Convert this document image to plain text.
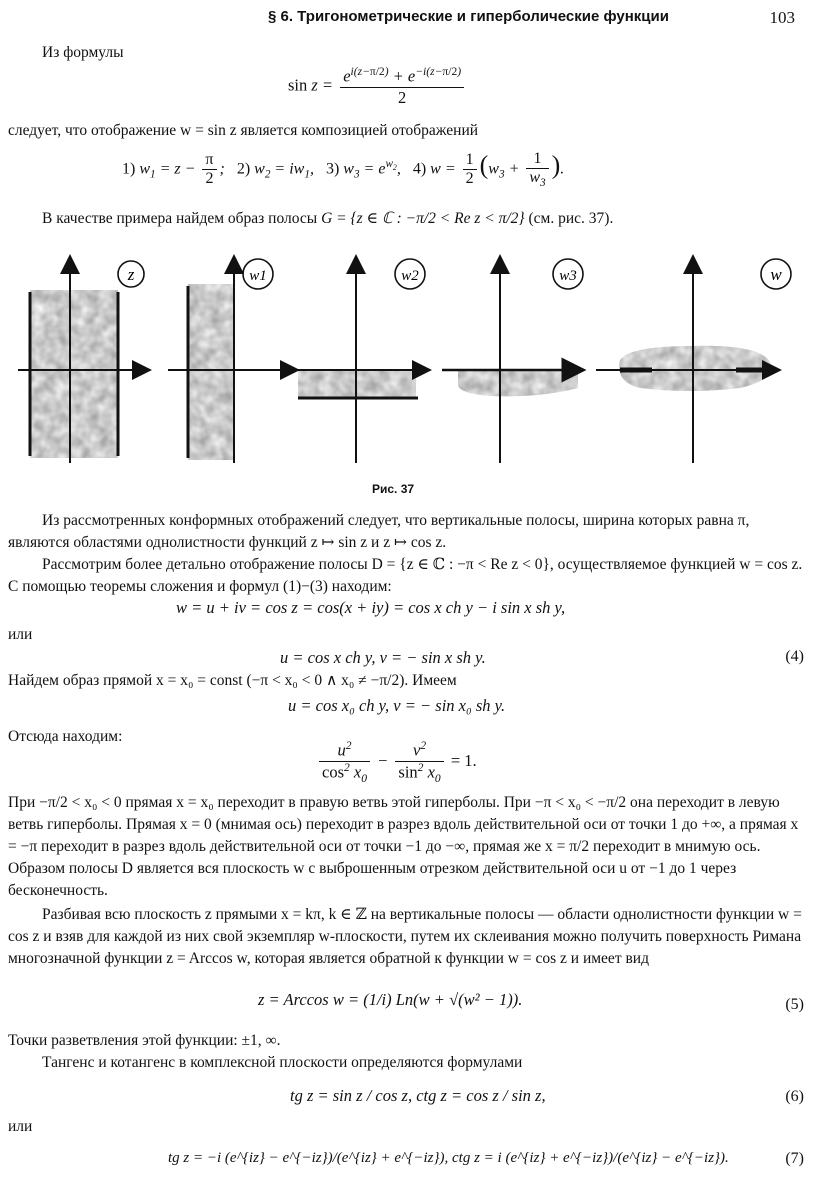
§ 6. Тригонометрические и гиперболические функции	103

Из формулы

$\sin z = \frac{e^{i(z-\pi/2)} + e^{-i(z-\pi/2)}}{2}$

следует, что отображение w = sin z является композицией отображений

1) $w_1 = z - \frac{\pi}{2}$ ;   2) $w_2 = iw_1$,   3) $w_3 = e^{w_2}$,   4) $w = \frac{1}{2} (w_3 + \frac{1}{w_3}$ ).
В качестве примера найдем образ полосы G = {z ∈ ℂ : −π/2 < Re z < π/2} (см. рис. 37).
z	w1	w2	w3	w
Рис. 37

Из рассмотренных конформных отображений следует, что вертикальные полосы, ширина которых равна π, являются областями однолистности функций z ↦ sin z и z ↦ cos z.

Рассмотрим более детально отображение полосы D = {z ∈ ℂ : −π < Re z < 0}, осуществляемое функцией w = cos z. С помощью теоремы сложения и формул (1)−(3) находим:

w = u + iv = cos z = cos(x + iy) = cos x ch y − i sin x sh y,

или

u = cos x ch y, v = − sin x sh y.	(4)

Найдем образ прямой x = x₀ = const (−π < x₀ < 0 ∧ x₀ ≠ −π/2). Имеем

u = cos x₀ ch y, v = − sin x₀ sh y.

Отсюда находим:

$\frac{u^2}{\cos^2 x_0} - \frac{v^2}{\sin^2 x_0} = 1$.

При −π/2 < x₀ < 0 прямая x = x₀ переходит в правую ветвь этой гиперболы. При −π < x₀ < −π/2 она переходит в левую ветвь гиперболы. Прямая x = 0 (мнимая ось) переходит в разрез вдоль действительной оси от точки 1 до +∞, а прямая x = −π переходит в разрез вдоль действительной оси от точки −1 до −∞, прямая же x = π/2 переходит в мнимую ось. Образом полосы D является вся плоскость w с выброшенным отрезком действительной оси u от −1 до 1 через бесконечность.

Разбивая всю плоскость z прямыми x = kπ, k ∈ ℤ на вертикальные полосы — области однолистности функции w = cos z и взяв для каждой из них свой экземпляр w-плоскости, путем их склеивания можно получить поверхность Римана многозначной функции z = Arccos w, которая является обратной к функции w = cos z и имеет вид

z = Arccos w = (1/i) Ln(w + √(w² − 1)).	(5)

Точки разветвления этой функции: ±1, ∞.

Тангенс и котангенс в комплексной плоскости определяются формулами

tg z = sin z / cos z, ctg z = cos z / sin z,	(6)

или

tg z = −i (e^{iz} − e^{−iz})/(e^{iz} + e^{−iz}), ctg z = i (e^{iz} + e^{−iz})/(e^{iz} − e^{−iz}).	(7)
